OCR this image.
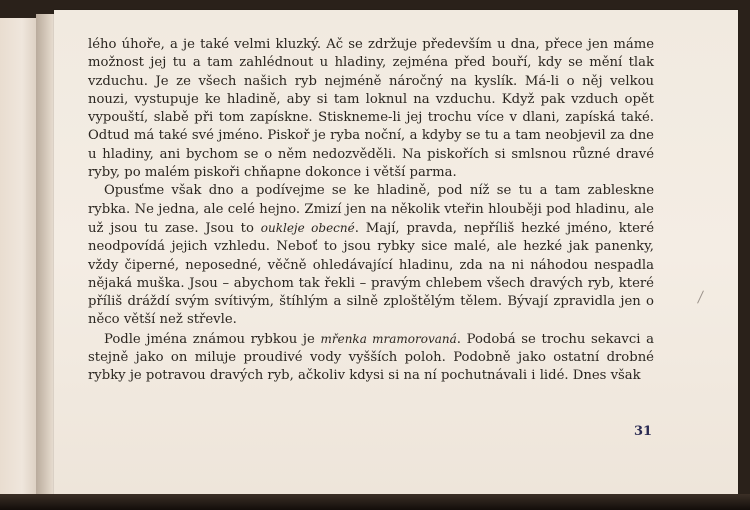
lého úhoře, a je také velmi kluzký. Ač se zdržuje především u dna, přece jen máme možnost jej tu a tam zahlédnout u hladiny, zejména před bouří, kdy se mění tlak vzduchu. Je ze všech našich ryb nejméně náročný na kyslík. Má-li o něj velkou nouzi, vystupuje ke hladině, aby si tam loknul na vzduchu. Když pak vzduch opět vypouští, slabě při tom zapískne. Stiskneme-li jej trochu více v dlani, zapíská také. Odtud má také své jméno. Piskoř je ryba noční, a kdyby se tu a tam neobjevil za dne u hladiny, ani bychom se o něm nedozvěděli. Na piskořích si smlsnou různé dravé ryby, po malém piskoři chňapne dokonce i větší parma.

Opusťme však dno a podívejme se ke hladině, pod níž se tu a tam zableskne rybka. Ne jedna, ale celé hejno. Zmizí jen na několik vteřin hlouběji pod hladinu, ale už jsou tu zase. Jsou to oukleje obecné. Mají, pravda, nepříliš hezké jméno, které neodpovídá jejich vzhledu. Neboť to jsou rybky sice malé, ale hezké jak panenky, vždy čiperné, neposedné, věčně ohledávající hladinu, zda na ni náhodou nespadla nějaká muška. Jsou – abychom tak řekli – pravým chlebem všech dravých ryb, které příliš dráždí svým svítivým, štíhlým a silně zploštělým tělem. Bývají zpravidla jen o něco větší než střevle.

Podle jména známou rybkou je mřenka mramorovaná. Podobá se trochu sekavci a stejně jako on miluje proudivé vody vyšších poloh. Podobně jako ostatní drobné rybky je potravou dravých ryb, ačkoliv kdysi si na ní pochutnávali i lidé. Dnes však

31
